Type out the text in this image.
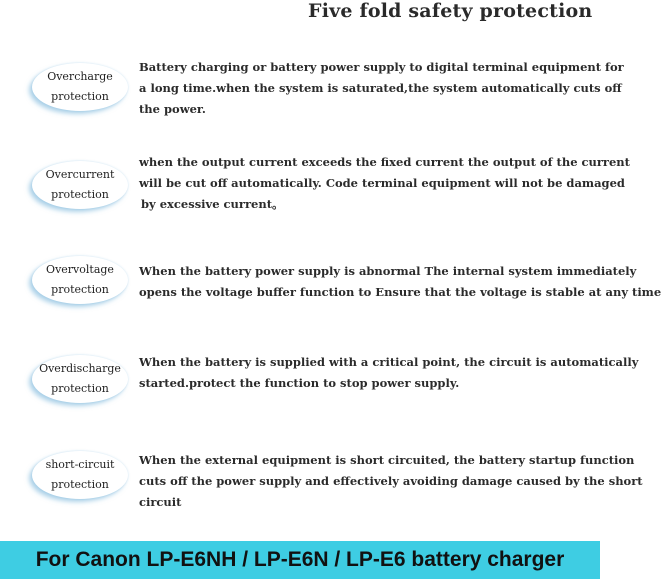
Five fold safety protection
Overcharge
protection
Battery charging or battery power supply to digital terminal equipment for
a long time.when the system is saturated,the system automatically cuts off
the power.
Overcurrent
protection
when the output current exceeds the fixed current the output of the current
will be cut off automatically. Code terminal equipment will not be damaged
by excessive current。
Overvoltage
protection
When the battery power supply is abnormal The internal system immediately
opens the voltage buffer function to Ensure that the voltage is stable at any time
Overdischarge
protection
When the battery is supplied with a critical point, the circuit is automatically
started.protect the function to stop power supply.
short-circuit
protection
When the external equipment is short circuited, the battery startup function
cuts off the power supply and effectively avoiding damage caused by the short
circuit
For Canon LP-E6NH / LP-E6N / LP-E6 battery charger
